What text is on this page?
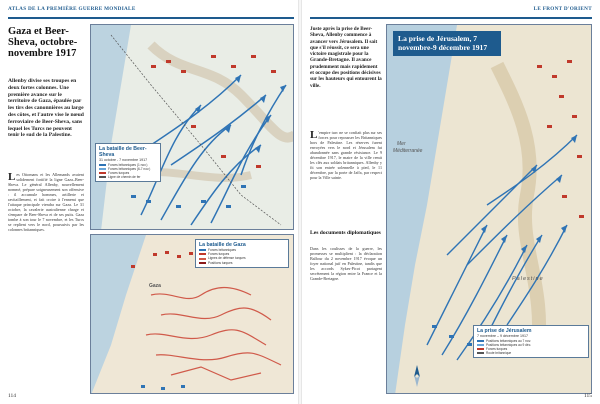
ATLAS DE LA PREMIÈRE GUERRE MONDIALE
Gaza et Beer-Sheva, octobre-novembre 1917
Allenby divise ses troupes en deux fortes colonnes. Une première avance sur le territoire de Gaza, épaulée par les tirs des canonnières au large des côtes, et l'autre vise le nœud ferroviaire de Beer-Sheva, sans lequel les Turcs ne peuvent tenir le sud de la Palestine.
Les Ottomans et les Allemands avaient solidement fortifié la ligne Gaza–Beer-Sheva. Le général Allenby, nouvellement nommé, prépare soigneusement son offensive : il accumule hommes, artillerie et ravitaillement, et fait croire à l'ennemi que l'attaque principale viendra sur Gaza. Le 31 octobre, la cavalerie australienne charge et s'empare de Beer-Sheva et de ses puits. Gaza tombe à son tour le 7 novembre, et les Turcs se replient vers le nord, poursuivis par les colonnes britanniques.
La bataille de Beer-Sheva
31 octobre - 7 novembre 1917
Forces britanniques (1 nov.)
Forces britanniques (6-7 nov.)
Forces turques
Ligne de chemin de fer
Gaza
La bataille de Gaza
Forces britanniques
Forces turques
Lignes de défense turques
Positions turques
114
LE FRONT D'ORIENT
Juste après la prise de Beer-Sheva, Allenby commence à avancer vers Jérusalem. Il sait que s'il réussit, ce sera une victoire magistrale pour la Grande-Bretagne. Il avance prudemment mais rapidement et occupe des positions décisives sur les hauteurs qui entourent la ville.
L 'empire turc ne se confiait plus sur ses forces pour repousser les Britanniques hors de Palestine. Les réserves furent envoyées vers le nord et Jérusalem fut abandonnée sans grande résistance. Le 9 décembre 1917, le maire de la ville remit les clés aux soldats britanniques. Allenby y fit son entrée solennelle à pied, le 11 décembre, par la porte de Jaffa, par respect pour la Ville sainte.
Les documents diplomatiques
Dans les coulisses de la guerre, les promesses se multiplient : la déclaration Balfour du 2 novembre 1917 évoque un foyer national juif en Palestine, tandis que les accords Sykes-Picot partagent secrètement la région entre la France et la Grande-Bretagne.
Mer
Méditerranée
Palestine
La prise de Jérusalem, 7 novembre-9 décembre 1917
La prise de Jérusalem
7 novembre – 9 décembre 1917
Positions britanniques au 7 nov.
Positions britanniques au 9 déc.
Forces turques
Route britannique
115
